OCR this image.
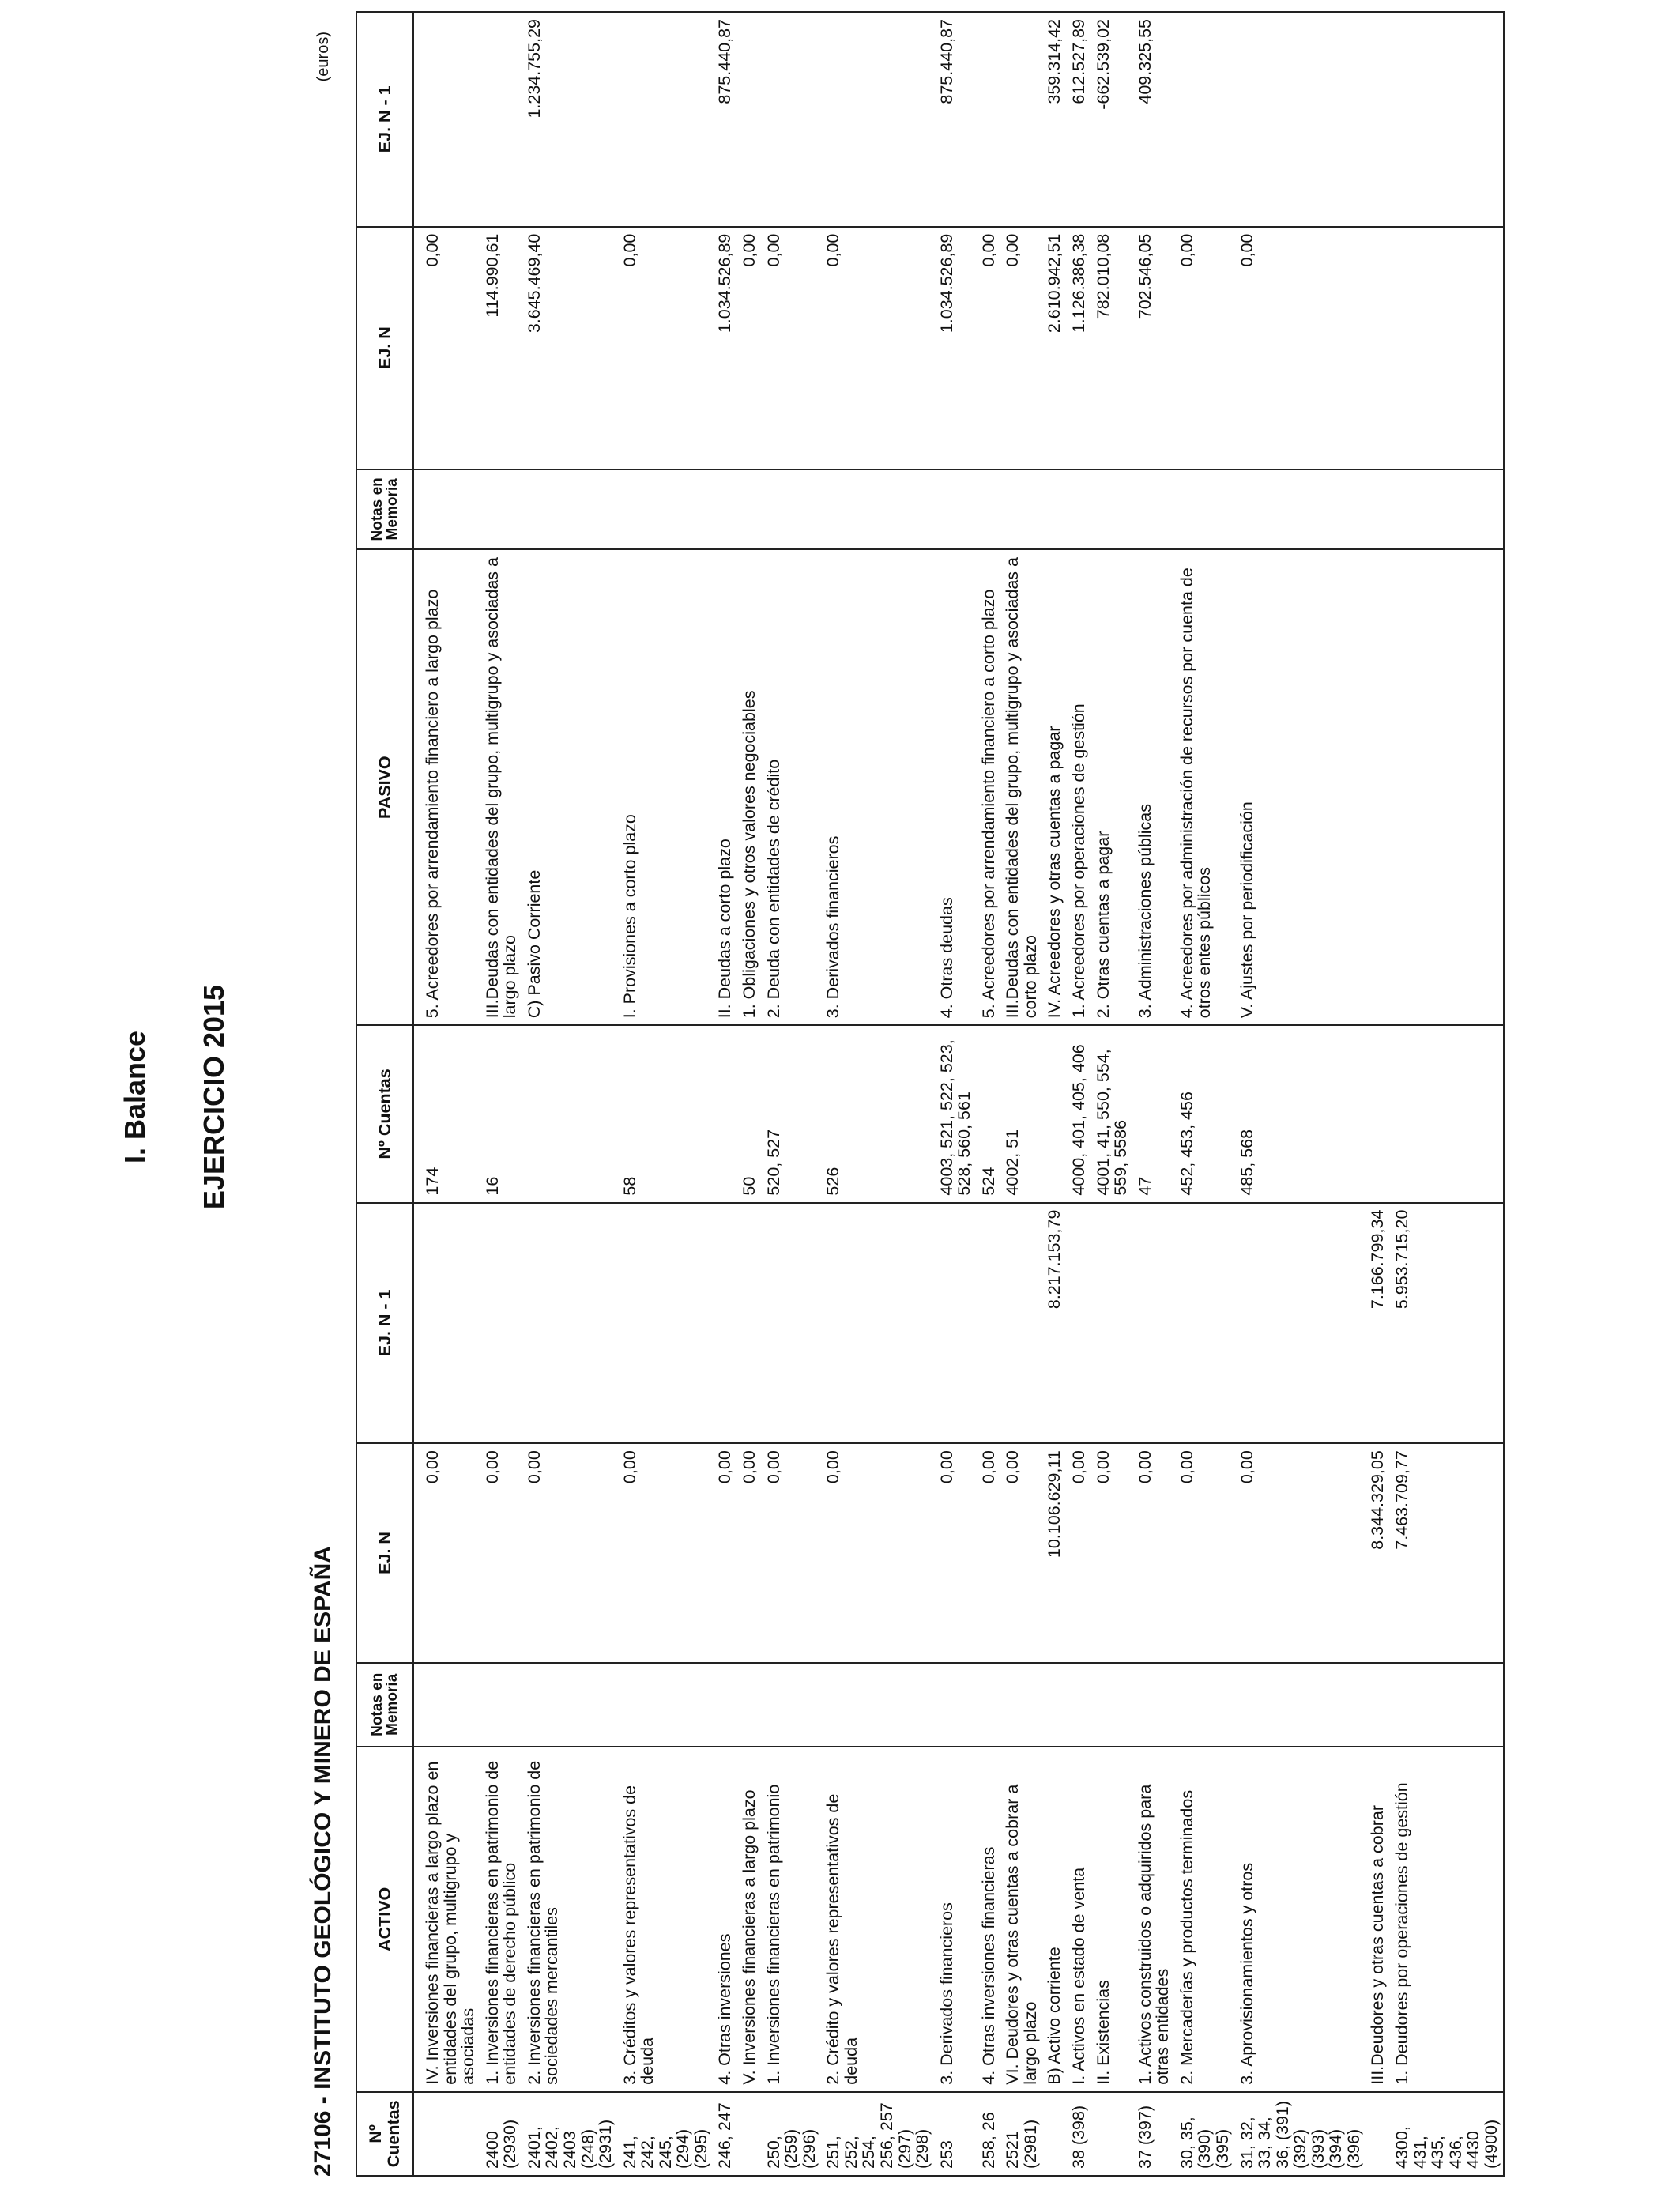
I. Balance EJERCICIO 2015
27106 - INSTITUTO GEOLÓGICO Y MINERO DE ESPAÑA
(euros)
Nº Cuentas	ACTIVO	Notas en Memoria	EJ. N	EJ. N - 1	Nº Cuentas	PASIVO	Notas en Memoria	EJ. N	EJ. N - 1
	IV. Inversiones financieras a largo plazo en entidades del grupo, multigrupo y asociadas		0,00		174	5. Acreedores por arrendamiento financiero a largo plazo		0,00	
2400 (2930)	1. Inversiones financieras en patrimonio de entidades de derecho público		0,00		16	III.Deudas con entidades del grupo, multigrupo y asociadas a largo plazo		114.990,61	
2401, 2402, 2403 (248) (2931)	2. Inversiones financieras en patrimonio de sociedades mercantiles		0,00			C) Pasivo Corriente		3.645.469,40	1.234.755,29
241, 242, 245, (294) (295)	3. Créditos y valores representativos de deuda		0,00		58	I. Provisiones a corto plazo		0,00	
246, 247	4. Otras inversiones		0,00			II. Deudas a corto plazo		1.034.526,89	875.440,87
	V. Inversiones financieras a largo plazo		0,00		50	1. Obligaciones y otros valores negociables		0,00	
250, (259) (296)	1. Inversiones financieras en patrimonio		0,00		520, 527	2. Deuda con entidades de crédito		0,00	
251, 252, 254, 256, 257 (297) (298)	2. Crédito y valores representativos de deuda		0,00		526	3. Derivados financieros		0,00	
253	3. Derivados financieros		0,00		4003, 521, 522, 523, 528, 560, 561	4. Otras deudas		1.034.526,89	875.440,87
258, 26	4. Otras inversiones financieras		0,00		524	5. Acreedores por arrendamiento financiero a corto plazo		0,00	
2521 (2981)	VI. Deudores y otras cuentas a cobrar a largo plazo		0,00		4002, 51	III.Deudas con entidades del grupo, multigrupo y asociadas a corto plazo		0,00	
	B) Activo corriente		10.106.629,11	8.217.153,79		IV. Acreedores y otras cuentas a pagar		2.610.942,51	359.314,42
38 (398)	I. Activos en estado de venta		0,00		4000, 401, 405, 406	1. Acreedores por operaciones de gestión		1.126.386,38	612.527,89
	II. Existencias		0,00		4001, 41, 550, 554, 559, 5586	2. Otras cuentas a pagar		782.010,08	-662.539,02
37 (397)	1. Activos construidos o adquiridos para otras entidades		0,00		47	3. Administraciones públicas		702.546,05	409.325,55
30, 35, (390) (395)	2. Mercaderías y productos terminados		0,00		452, 453, 456	4. Acreedores por administración de recursos por cuenta de otros entes públicos		0,00	
31, 32, 33, 34, 36, (391) (392) (393) (394) (396)	3. Aprovisionamientos y otros		0,00		485, 568	V. Ajustes por periodificación		0,00	
	III.Deudores y otras cuentas a cobrar		8.344.329,05	7.166.799,34					
4300, 431, 435, 436, 4430 (4900)	1. Deudores por operaciones de gestión		7.463.709,77	5.953.715,20					
